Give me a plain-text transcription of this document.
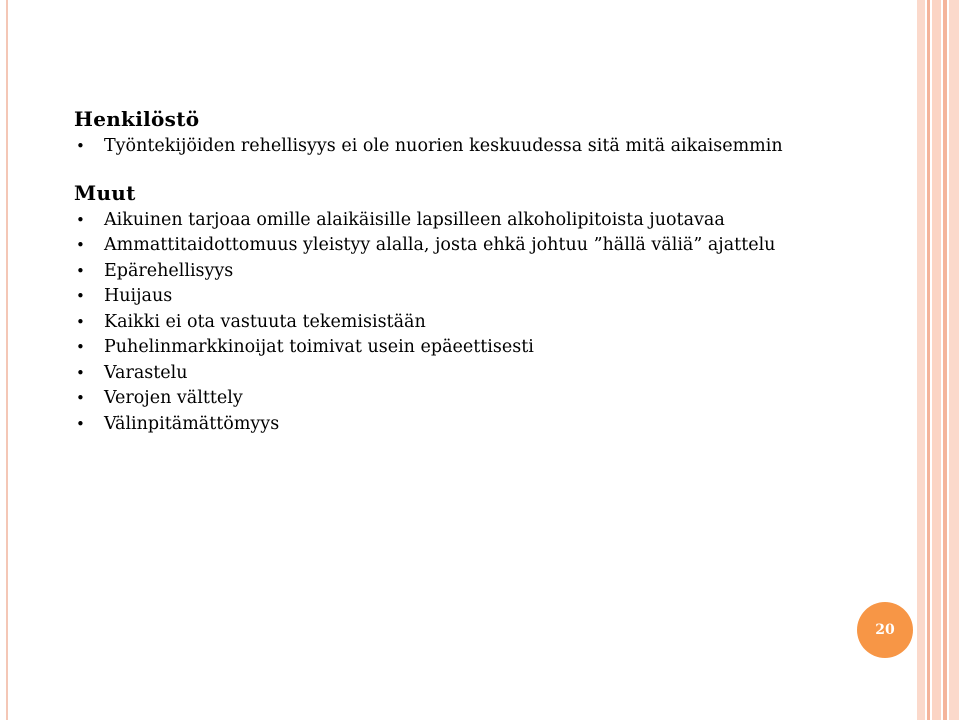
Henkilöstö
• Työntekijöiden rehellisyys ei ole nuorien keskuudessa sitä mitä aikaisemmin
Muut
• Aikuinen tarjoaa omille alaikäisille lapsilleen alkoholipitoista juotavaa
• Ammattitaidottomuus yleistyy alalla, josta ehkä johtuu ”hällä väliä” ajattelu
• Epärehellisyys
• Huijaus
• Kaikki ei ota vastuuta tekemisistään
• Puhelinmarkkinoijat toimivat usein epäeettisesti
• Varastelu
• Verojen välttely
• Välinpitämättömyys
20
